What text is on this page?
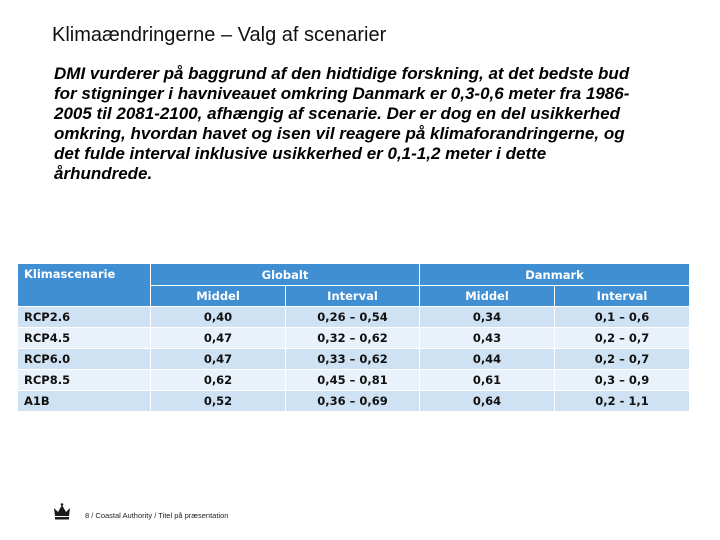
Klimaændringerne – Valg af scenarier
DMI vurderer på baggrund af den hidtidige forskning, at det bedste bud
for stigninger i havniveauet omkring Danmark er 0,3-0,6 meter fra 1986-
2005 til 2081-2100, afhængig af scenarie. Der er dog en del usikkerhed
omkring, hvordan havet og isen vil reagere på klimaforandringerne, og
det fulde interval inklusive usikkerhed er 0,1-1,2 meter i dette
århundrede.
Klimascenarie	Globalt		Danmark	
	Middel	Interval	Middel	Interval
RCP2.6	0,40	0,26 – 0,54	0,34	0,1 – 0,6
RCP4.5	0,47	0,32 – 0,62	0,43	0,2 – 0,7
RCP6.0	0,47	0,33 – 0,62	0,44	0,2 – 0,7
RCP8.5	0,62	0,45 – 0,81	0,61	0,3 – 0,9
A1B	0,52	0,36 – 0,69	0,64	0,2 - 1,1
8 / Coastal Authority / Titel på præsentation
